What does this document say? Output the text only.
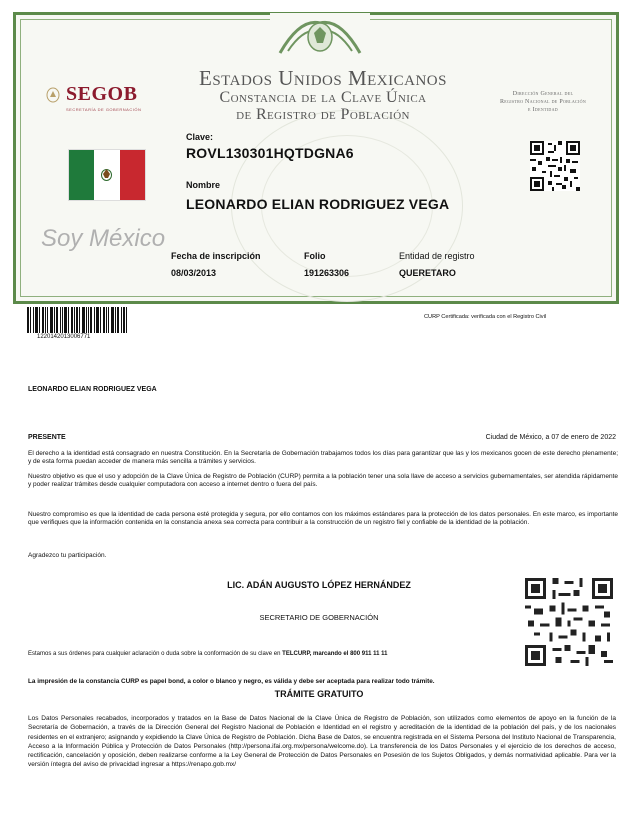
SEGOB
SECRETARÍA DE GOBERNACIÓN
Estados Unidos Mexicanos
Constancia de la Clave Única
de Registro de Población
Dirección General del
Registro Nacional de Población
e Identidad
Soy México
Clave:
ROVL130301HQTDGNA6
Nombre
LEONARDO ELIAN RODRIGUEZ VEGA
Fecha de inscripción
08/03/2013
Folio
191263306
Entidad de registro
QUERETARO
1220142013006771
CURP Certificada: verificada con el Registro Civil
LEONARDO ELIAN RODRIGUEZ VEGA
PRESENTE	Ciudad de México, a 07 de enero de 2022
El derecho a la identidad está consagrado en nuestra Constitución. En la Secretaría de Gobernación trabajamos todos los días para garantizar que las y los mexicanos gocen de este derecho plenamente; y de esta forma puedan acceder de manera más sencilla a trámites y servicios.
Nuestro objetivo es que el uso y adopción de la Clave Única de Registro de Población (CURP) permita a la población tener una sola llave de acceso a servicios gubernamentales, ser atendida rápidamente y poder realizar trámites desde cualquier computadora con acceso a internet dentro o fuera del país.
Nuestro compromiso es que la identidad de cada persona esté protegida y segura, por ello contamos con los máximos estándares para la protección de los datos personales. En este marco, es importante que verifiques que la información contenida en la constancia anexa sea correcta para contribuir a la construcción de un registro fiel y confiable de la identidad de la población.
Agradezco tu participación.
LIC. ADÁN AUGUSTO LÓPEZ HERNÁNDEZ
SECRETARIO DE GOBERNACIÓN
Estamos a sus órdenes para cualquier aclaración o duda sobre la conformación de su clave en TELCURP, marcando el 800 911 11 11
La impresión de la constancia CURP es papel bond, a color o blanco y negro, es válida y debe ser aceptada para realizar todo trámite.
TRÁMITE GRATUITO
Los Datos Personales recabados, incorporados y tratados en la Base de Datos Nacional de la Clave Única de Registro de Población, son utilizados como elementos de apoyo en la función de la Secretaría de Gobernación, a través de la Dirección General del Registro Nacional de Población e Identidad en el registro y acreditación de la identidad de la población del país, y de los nacionales residentes en el extranjero; asignando y expidiendo la Clave Única de Registro de Población. Dicha Base de Datos, se encuentra registrada en el Sistema Persona del Instituto Nacional de Transparencia, Acceso a la Información Pública y Protección de Datos Personales (http://persona.ifai.org.mx/persona/welcome.do). La transferencia de los Datos Personales y el ejercicio de los derechos de acceso, rectificación, cancelación y oposición, deben realizarse conforme a la Ley General de Protección de Datos Personales en Posesión de los Sujetos Obligados, y demás normatividad aplicable. Para ver la versión íntegra del aviso de privacidad ingresar a https://renapo.gob.mx/
